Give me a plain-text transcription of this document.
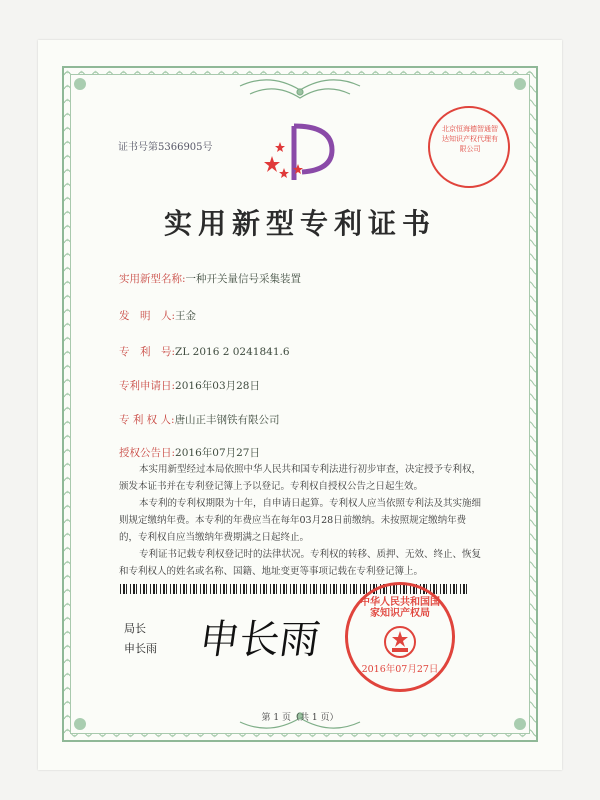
证书号第5366905号
北京恒海德智通智达知识产权代理有限公司
实用新型专利证书
实用新型名称:一种开关量信号采集装置
发　明　人:王金
专　利　号:ZL 2016 2 0241841.6
专利申请日:2016年03月28日
专 利 权 人:唐山正丰钢铁有限公司
授权公告日:2016年07月27日

本实用新型经过本局依照中华人民共和国专利法进行初步审查，决定授予专利权，颁发本证书并在专利登记簿上予以登记。专利权自授权公告之日起生效。

本专利的专利权期限为十年，自申请日起算。专利权人应当依照专利法及其实施细则规定缴纳年费。本专利的年费应当在每年03月28日前缴纳。未按照规定缴纳年费的，专利权自应当缴纳年费期满之日起终止。

专利证书记载专利权登记时的法律状况。专利权的转移、质押、无效、终止、恢复和专利权人的姓名或名称、国籍、地址变更等事项记载在专利登记簿上。

局长
申长雨 申长雨
中华人民共和国国家知识产权局
2016年07月27日
第 1 页（共 1 页）
